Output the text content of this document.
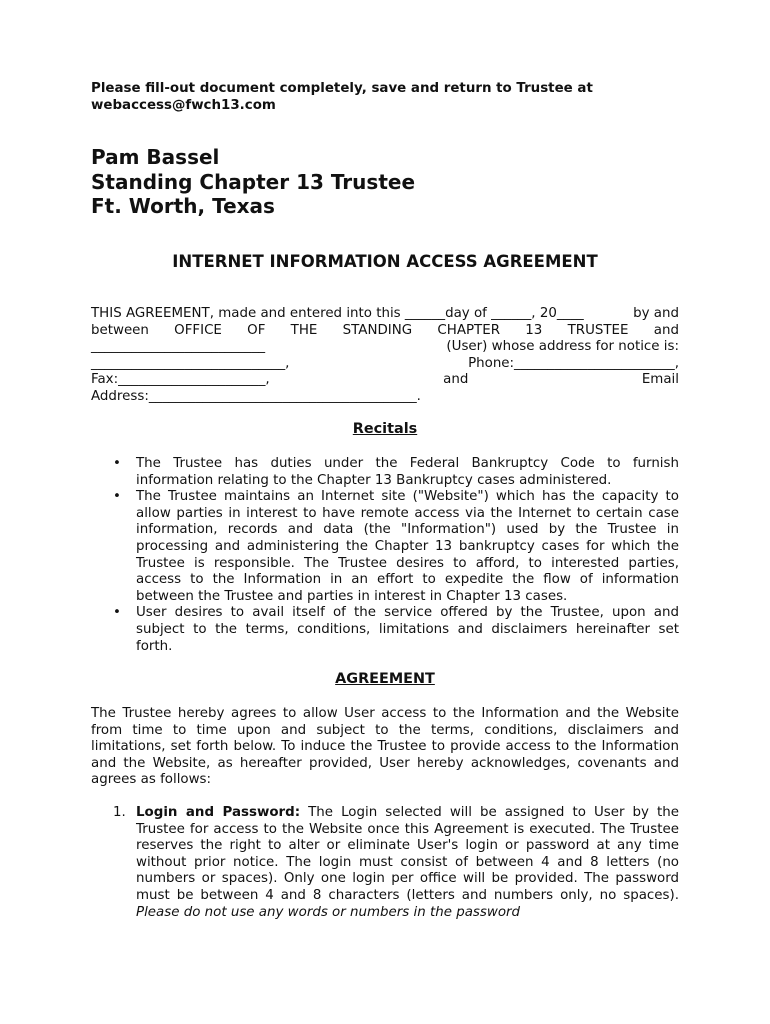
Please fill-out document completely, save and return to Trustee at webaccess@fwch13.com
Pam Bassel
Standing Chapter 13 Trustee
Ft. Worth, Texas
INTERNET INFORMATION ACCESS AGREEMENT
THIS AGREEMENT, made and entered into this ______day of ______, 20____	by and
between OFFICE OF THE STANDING CHAPTER 13 TRUSTEE and
__________________________	(User) whose address for notice is:
_____________________________,	Phone:________________________,
Fax:______________________,	and	Email
Address:________________________________________.
Recitals
• The Trustee has duties under the Federal Bankruptcy Code to furnish information relating to the Chapter 13 Bankruptcy cases administered.
• The Trustee maintains an Internet site ("Website") which has the capacity to allow parties in interest to have remote access via the Internet to certain case information, records and data (the "Information") used by the Trustee in processing and administering the Chapter 13 bankruptcy cases for which the Trustee is responsible. The Trustee desires to afford, to interested parties, access to the Information in an effort to expedite the flow of information between the Trustee and parties in interest in Chapter 13 cases.
• User desires to avail itself of the service offered by the Trustee, upon and subject to the terms, conditions, limitations and disclaimers hereinafter set forth.
AGREEMENT
The Trustee hereby agrees to allow User access to the Information and the Website from time to time upon and subject to the terms, conditions, disclaimers and limitations, set forth below. To induce the Trustee to provide access to the Information and the Website, as hereafter provided, User hereby acknowledges, covenants and agrees as follows:
1. Login and Password: The Login selected will be assigned to User by the Trustee for access to the Website once this Agreement is executed. The Trustee reserves the right to alter or eliminate User's login or password at any time without prior notice. The login must consist of between 4 and 8 letters (no numbers or spaces). Only one login per office will be provided. The password must be between 4 and 8 characters (letters and numbers only, no spaces). Please do not use any words or numbers in the password
